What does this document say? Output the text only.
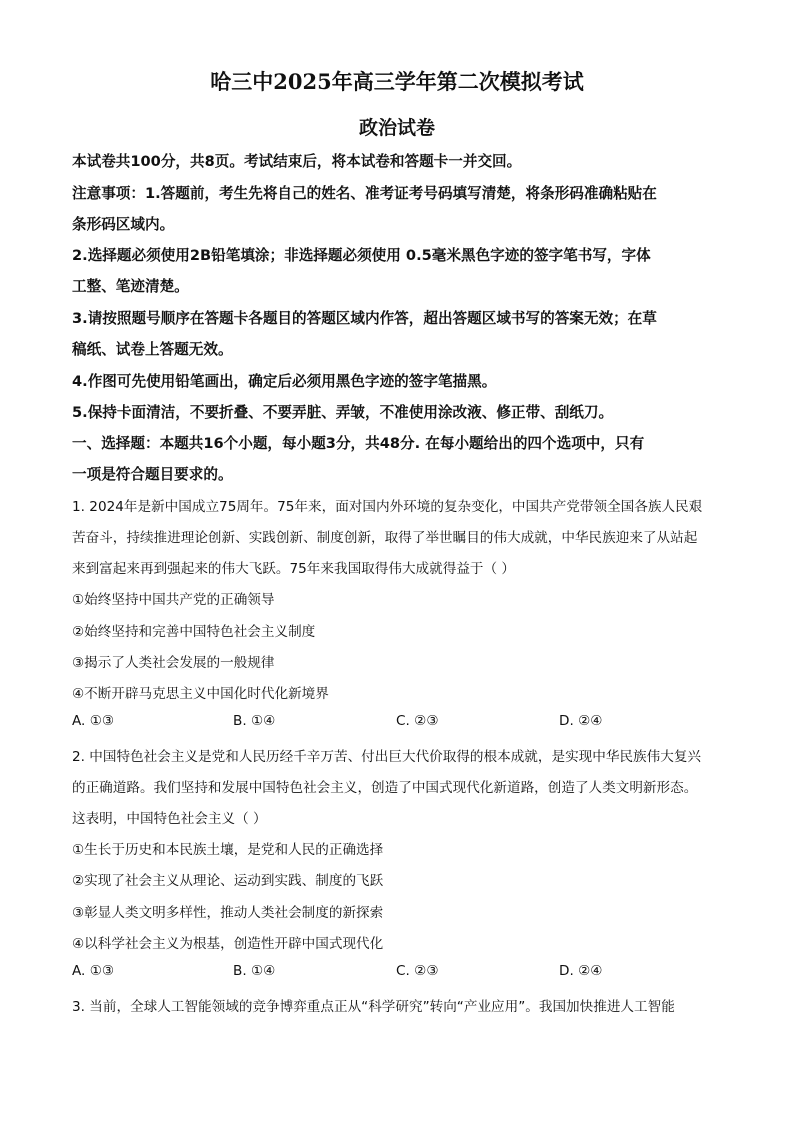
哈三中2025年高三学年第二次模拟考试
政治试卷
本试卷共100分，共8页。考试结束后，将本试卷和答题卡一并交回。
注意事项：1.答题前，考生先将自己的姓名、准考证考号码填写清楚，将条形码准确粘贴在
条形码区域内。
2.选择题必须使用2B铅笔填涂；非选择题必须使用 0.5毫米黑色字迹的签字笔书写，字体
工整、笔迹清楚。
3.请按照题号顺序在答题卡各题目的答题区域内作答，超出答题区域书写的答案无效；在草
稿纸、试卷上答题无效。
4.作图可先使用铅笔画出，确定后必须用黑色字迹的签字笔描黑。
5.保持卡面清洁，不要折叠、不要弄脏、弄皱，不准使用涂改液、修正带、刮纸刀。
一、选择题：本题共16个小题，每小题3分，共48分. 在每小题给出的四个选项中，只有
一项是符合题目要求的。
1. 2024年是新中国成立75周年。75年来，面对国内外环境的复杂变化，中国共产党带领全国各族人民艰
苦奋斗，持续推进理论创新、实践创新、制度创新，取得了举世瞩目的伟大成就，中华民族迎来了从站起
来到富起来再到强起来的伟大飞跃。75年来我国取得伟大成就得益于（ ）
①始终坚持中国共产党的正确领导
②始终坚持和完善中国特色社会主义制度
③揭示了人类社会发展的一般规律
④不断开辟马克思主义中国化时代化新境界
A. ①③	B. ①④	C. ②③	D. ②④
2. 中国特色社会主义是党和人民历经千辛万苦、付出巨大代价取得的根本成就，是实现中华民族伟大复兴
的正确道路。我们坚持和发展中国特色社会主义，创造了中国式现代化新道路，创造了人类文明新形态。
这表明，中国特色社会主义（ ）
①生长于历史和本民族土壤，是党和人民的正确选择
②实现了社会主义从理论、运动到实践、制度的飞跃
③彰显人类文明多样性，推动人类社会制度的新探索
④以科学社会主义为根基，创造性开辟中国式现代化
A. ①③	B. ①④	C. ②③	D. ②④
3. 当前，全球人工智能领域的竞争博弈重点正从“科学研究”转向“产业应用”。我国加快推进人工智能
